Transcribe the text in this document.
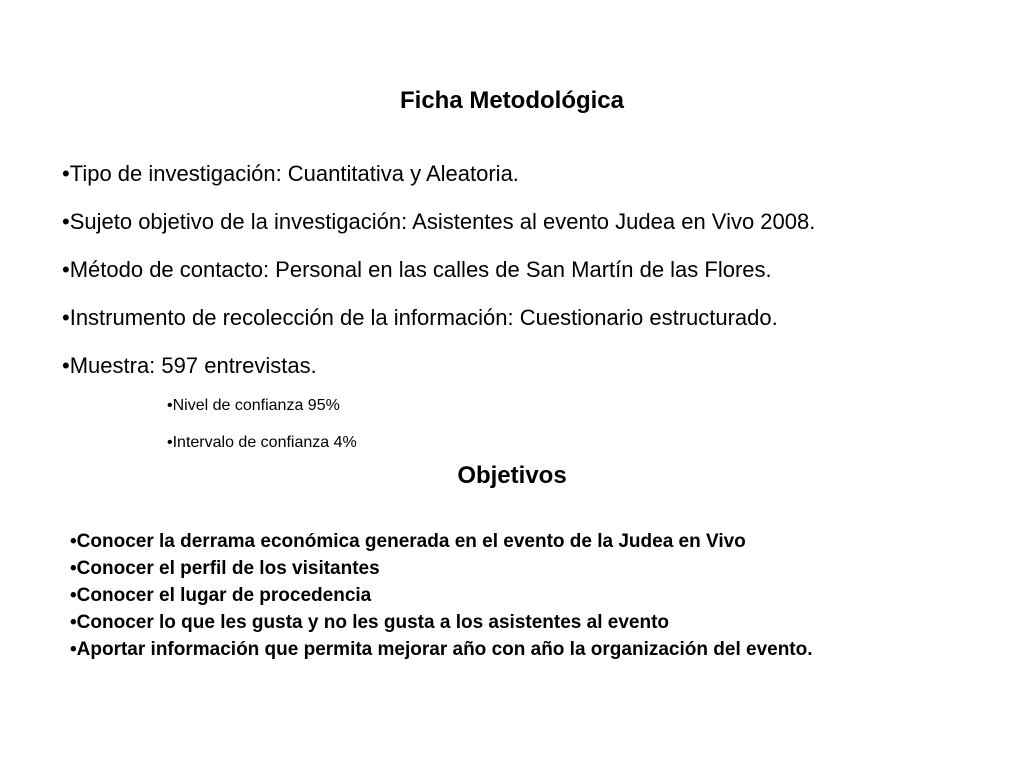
Ficha Metodológica
•Tipo de investigación: Cuantitativa y Aleatoria.
•Sujeto objetivo de la investigación: Asistentes al evento Judea en Vivo 2008.
•Método de contacto: Personal en las calles de San Martín de las Flores.
•Instrumento de recolección de la información: Cuestionario estructurado.
•Muestra: 597 entrevistas.
•Nivel de confianza 95%
•Intervalo de confianza 4%
Objetivos
•Conocer la derrama económica generada en el evento de la Judea en Vivo
•Conocer el perfil de los visitantes
•Conocer el lugar de procedencia
•Conocer lo que les gusta y no les gusta a los asistentes al evento
•Aportar información que permita mejorar año con año la organización del evento.
